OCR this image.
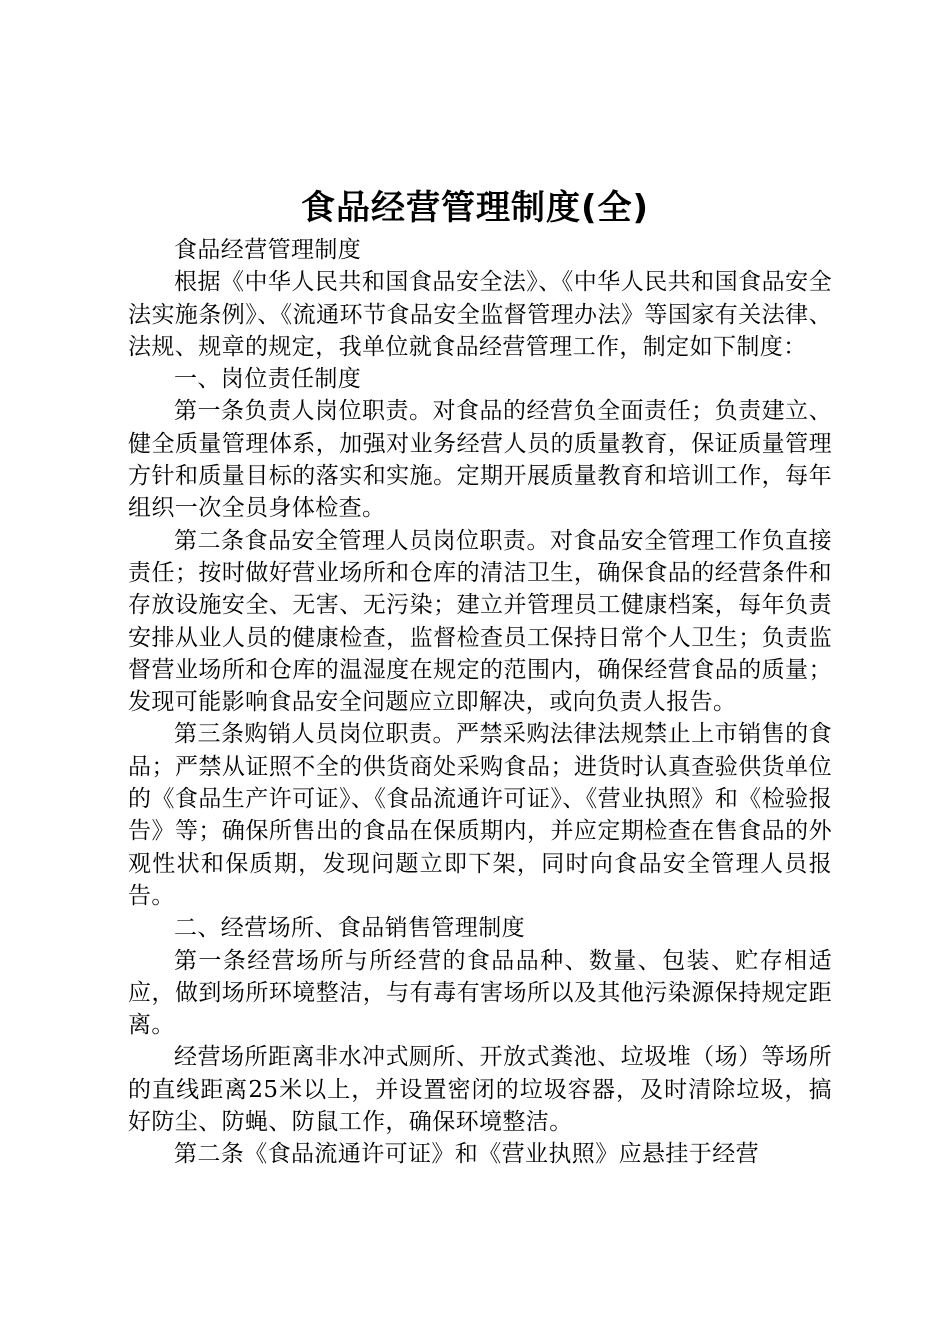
食品经营管理制度(全)

食品经营管理制度

根据《中华人民共和国食品安全法》、《中华人民共和国食品安全法实施条例》、《流通环节食品安全监督管理办法》等国家有关法律、法规、规章的规定，我单位就食品经营管理工作，制定如下制度：

一、岗位责任制度

第一条负责人岗位职责。对食品的经营负全面责任；负责建立、健全质量管理体系，加强对业务经营人员的质量教育，保证质量管理方针和质量目标的落实和实施。定期开展质量教育和培训工作，每年组织一次全员身体检查。

第二条食品安全管理人员岗位职责。对食品安全管理工作负直接责任；按时做好营业场所和仓库的清洁卫生，确保食品的经营条件和存放设施安全、无害、无污染；建立并管理员工健康档案，每年负责安排从业人员的健康检查，监督检查员工保持日常个人卫生；负责监督营业场所和仓库的温湿度在规定的范围内，确保经营食品的质量；发现可能影响食品安全问题应立即解决，或向负责人报告。

第三条购销人员岗位职责。严禁采购法律法规禁止上市销售的食品；严禁从证照不全的供货商处采购食品；进货时认真查验供货单位的《食品生产许可证》、《食品流通许可证》、《营业执照》和《检验报告》等；确保所售出的食品在保质期内，并应定期检查在售食品的外观性状和保质期，发现问题立即下架，同时向食品安全管理人员报告。

二、经营场所、食品销售管理制度

第一条经营场所与所经营的食品品种、数量、包装、贮存相适应，做到场所环境整洁，与有毒有害场所以及其他污染源保持规定距离。

经营场所距离非水冲式厕所、开放式粪池、垃圾堆（场）等场所的直线距离25米以上，并设置密闭的垃圾容器，及时清除垃圾，搞好防尘、防蝇、防鼠工作，确保环境整洁。

第二条《食品流通许可证》和《营业执照》应悬挂于经营
